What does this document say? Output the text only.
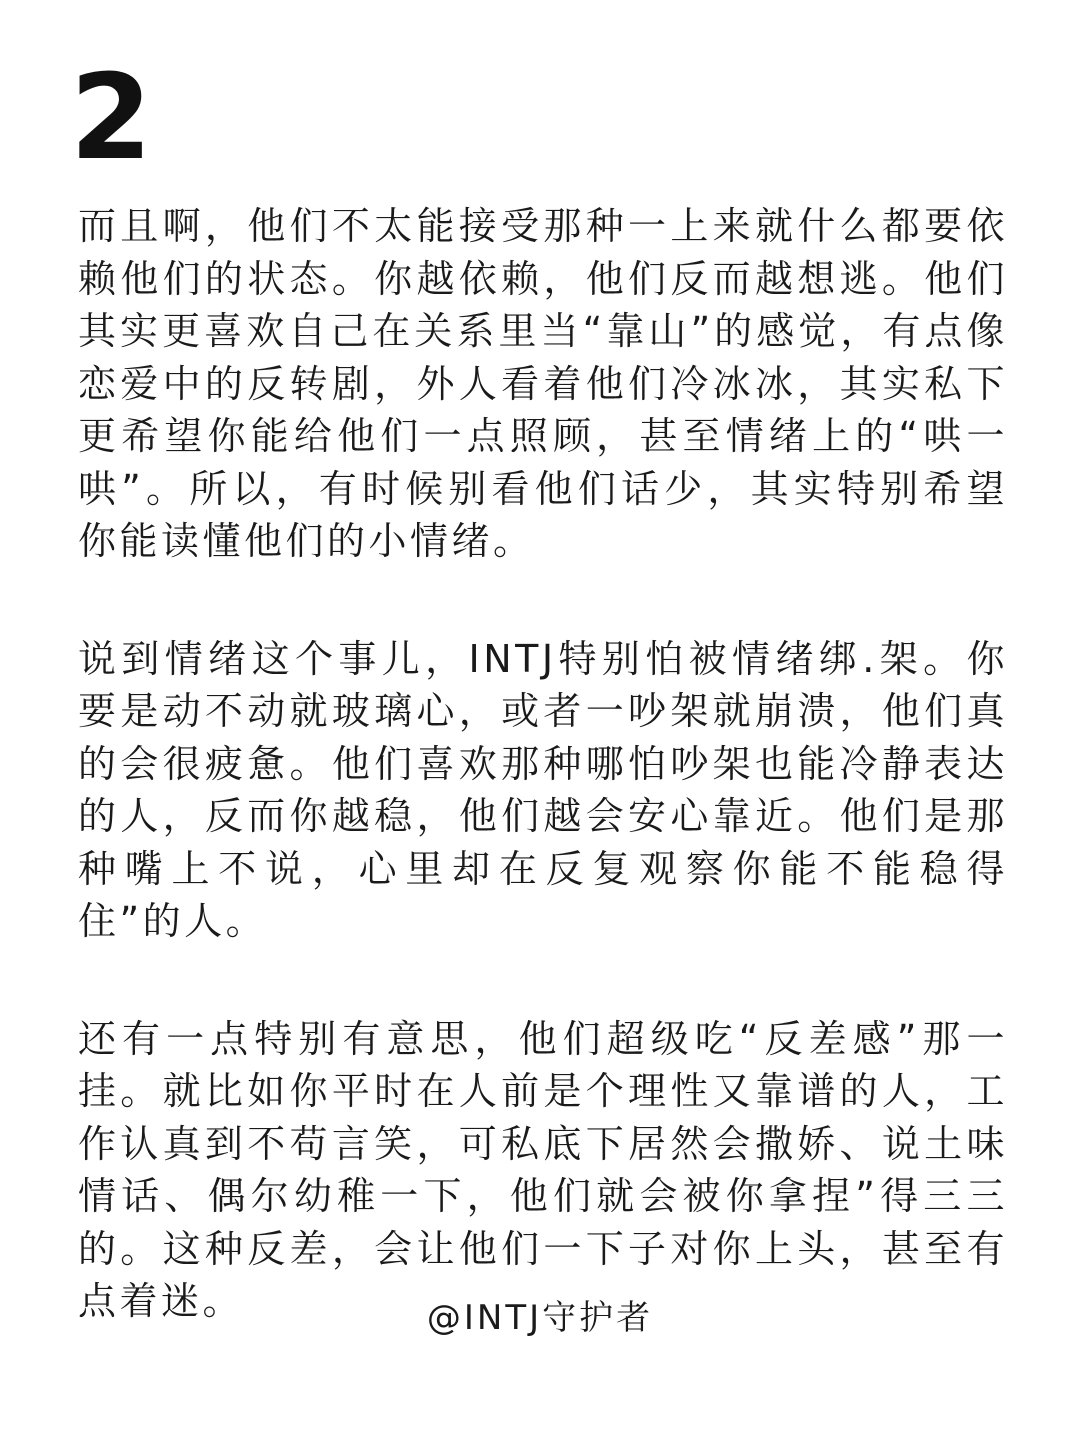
2

而且啊，他们不太能接受那种一上来就什么都要依赖他们的状态。你越依赖，他们反而越想逃。他们其实更喜欢自己在关系里当“靠山”的感觉，有点像恋爱中的反转剧，外人看着他们冷冰冰，其实私下更希望你能给他们一点照顾，甚至情绪上的“哄一哄”。所以，有时候别看他们话少，其实特别希望你能读懂他们的小情绪。

说到情绪这个事儿，INTJ特别怕被情绪绑.架。你要是动不动就玻璃心，或者一吵架就崩溃，他们真的会很疲惫。他们喜欢那种哪怕吵架也能冷静表达的人，反而你越稳，他们越会安心靠近。他们是那种嘴上不说，心里却在反复观察你能不能稳得住”的人。

还有一点特别有意思，他们超级吃“反差感”那一挂。就比如你平时在人前是个理性又靠谱的人，工作认真到不苟言笑，可私底下居然会撒娇、说土味情话、偶尔幼稚一下，他们就会被你拿捏”得三三的。这种反差，会让他们一下子对你上头，甚至有点着迷。	@INTJ守护者
